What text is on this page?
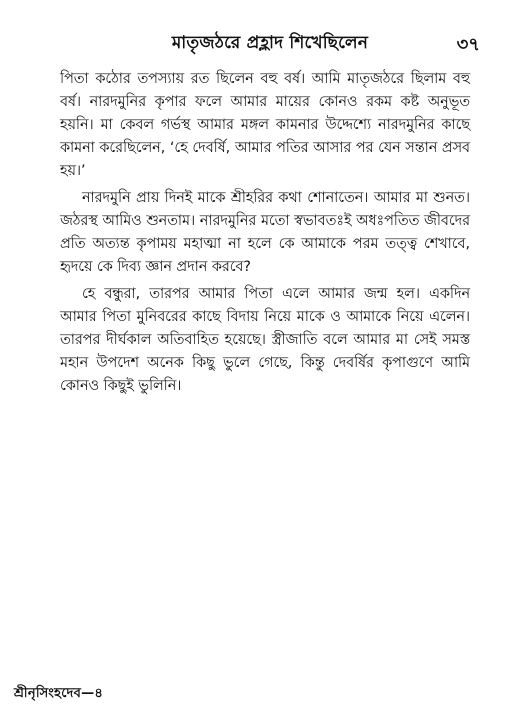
মাতৃজঠরে প্রহ্লাদ শিখেছিলেন	৩৭

পিতা কঠোর তপস্যায় রত ছিলেন বহু বর্ষ। আমি মাতৃজঠরে ছিলাম বহু বর্ষ। নারদমুনির কৃপার ফলে আমার মায়ের কোনও রকম কষ্ট অনুভূত হয়নি। মা কেবল গর্ভস্থ আমার মঙ্গল কামনার উদ্দেশ্যে নারদমুনির কাছে কামনা করেছিলেন, ‘হে দেবর্ষি, আমার পতির আসার পর যেন সন্তান প্রসব হয়।’

নারদমুনি প্রায় দিনই মাকে শ্রীহরির কথা শোনাতেন। আমার মা শুনত। জঠরস্থ আমিও শুনতাম। নারদমুনির মতো স্বভাবতঃই অধঃপতিত জীবদের প্রতি অত্যন্ত কৃপাময় মহাত্মা না হলে কে আমাকে পরম তত্ত্ব শেখাবে, হৃদয়ে কে দিব্য জ্ঞান প্রদান করবে?

হে বন্ধুরা, তারপর আমার পিতা এলে আমার জন্ম হল। একদিন আমার পিতা মুনিবরের কাছে বিদায় নিয়ে মাকে ও আমাকে নিয়ে এলেন। তারপর দীর্ঘকাল অতিবাহিত হয়েছে। স্ত্রীজাতি বলে আমার মা সেই সমস্ত মহান উপদেশ অনেক কিছু ভুলে গেছে, কিন্তু দেবর্ষির কৃপাগুণে আমি কোনও কিছুই ভুলিনি।

শ্রীনৃসিংহদেব—৪
